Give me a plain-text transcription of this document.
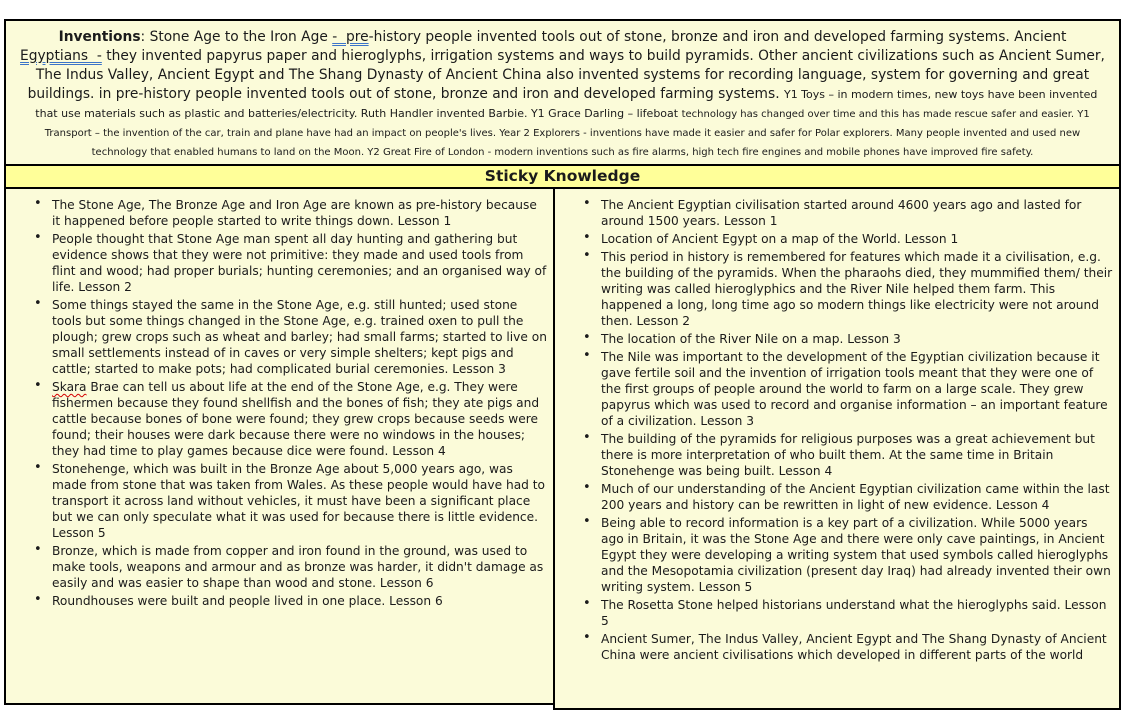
Inventions: Stone Age to the Iron Age -  pre-history people invented tools out of stone, bronze and iron and developed farming systems. Ancient Egyptians  - they invented papyrus paper and hieroglyphs, irrigation systems and ways to build pyramids. Other ancient civilizations such as Ancient Sumer, The Indus Valley, Ancient Egypt and The Shang Dynasty of Ancient China also invented systems for recording language, system for governing and great buildings. in pre-history people invented tools out of stone, bronze and iron and developed farming systems. Y1 Toys – in modern times, new toys have been invented that use materials such as plastic and batteries/electricity. Ruth Handler invented Barbie. Y1 Grace Darling – lifeboat technology has changed over time and this has made rescue safer and easier. Y1 Transport – the invention of the car, train and plane have had an impact on people's lives. Year 2 Explorers - inventions have made it easier and safer for Polar explorers. Many people invented and used new technology that enabled humans to land on the Moon. Y2 Great Fire of London - modern inventions such as fire alarms, high tech fire engines and mobile phones have improved fire safety.

Sticky Knowledge
• The Stone Age, The Bronze Age and Iron Age are known as pre-history because it happened before people started to write things down. Lesson 1
• People thought that Stone Age man spent all day hunting and gathering but evidence shows that they were not primitive: they made and used tools from flint and wood; had proper burials; hunting ceremonies; and an organised way of life. Lesson 2
• Some things stayed the same in the Stone Age, e.g. still hunted; used stone tools but some things changed in the Stone Age, e.g. trained oxen to pull the plough; grew crops such as wheat and barley; had small farms; started to live on small settlements instead of in caves or very simple shelters; kept pigs and cattle; started to make pots; had complicated burial ceremonies. Lesson 3
• Skara Brae can tell us about life at the end of the Stone Age, e.g. They were fishermen because they found shellfish and the bones of fish; they ate pigs and cattle because bones of bone were found; they grew crops because seeds were found; their houses were dark because there were no windows in the houses; they had time to play games because dice were found. Lesson 4
• Stonehenge, which was built in the Bronze Age about 5,000 years ago, was made from stone that was taken from Wales. As these people would have had to transport it across land without vehicles, it must have been a significant place but we can only speculate what it was used for because there is little evidence. Lesson 5
• Bronze, which is made from copper and iron found in the ground, was used to make tools, weapons and armour and as bronze was harder, it didn't damage as easily and was easier to shape than wood and stone. Lesson 6
• Roundhouses were built and people lived in one place. Lesson 6
• The Ancient Egyptian civilisation started around 4600 years ago and lasted for around 1500 years. Lesson 1
• Location of Ancient Egypt on a map of the World. Lesson 1
• This period in history is remembered for features which made it a civilisation, e.g. the building of the pyramids. When the pharaohs died, they mummified them/ their writing was called hieroglyphics and the River Nile helped them farm. This happened a long, long time ago so modern things like electricity were not around then. Lesson 2
• The location of the River Nile on a map. Lesson 3
• The Nile was important to the development of the Egyptian civilization because it gave fertile soil and the invention of irrigation tools meant that they were one of the first groups of people around the world to farm on a large scale. They grew papyrus which was used to record and organise information – an important feature of a civilization. Lesson 3
• The building of the pyramids for religious purposes was a great achievement but there is more interpretation of who built them. At the same time in Britain Stonehenge was being built. Lesson 4
• Much of our understanding of the Ancient Egyptian civilization came within the last 200 years and history can be rewritten in light of new evidence. Lesson 4
• Being able to record information is a key part of a civilization. While 5000 years ago in Britain, it was the Stone Age and there were only cave paintings, in Ancient Egypt they were developing a writing system that used symbols called hieroglyphs and the Mesopotamia civilization (present day Iraq) had already invented their own writing system. Lesson 5
• The Rosetta Stone helped historians understand what the hieroglyphs said. Lesson 5
• Ancient Sumer, The Indus Valley, Ancient Egypt and The Shang Dynasty of Ancient China were ancient civilisations which developed in different parts of the world
